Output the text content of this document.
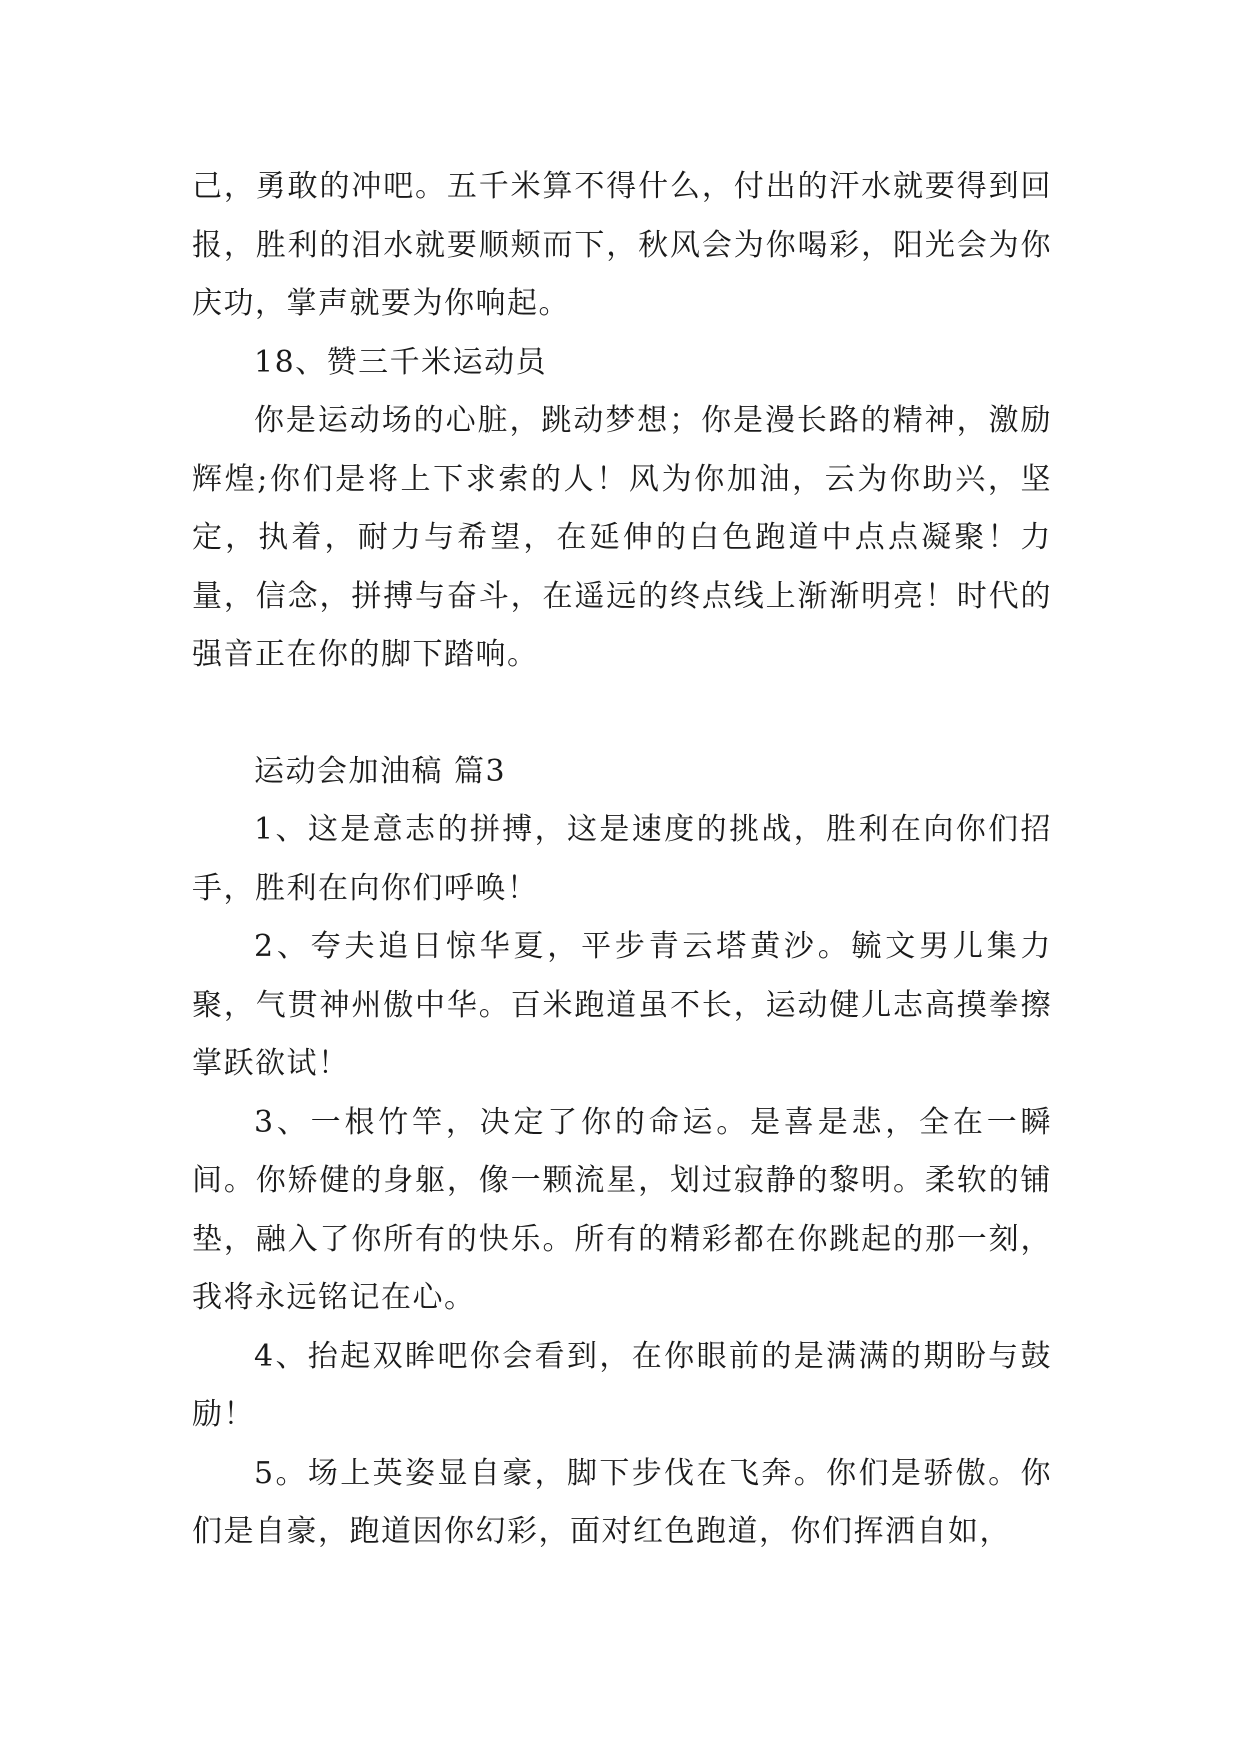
己，勇敢的冲吧。五千米算不得什么，付出的汗水就要得到回报，胜利的泪水就要顺颊而下，秋风会为你喝彩，阳光会为你庆功，掌声就要为你响起。

18、赞三千米运动员

你是运动场的心脏，跳动梦想；你是漫长路的精神，激励辉煌;你们是将上下求索的人！风为你加油，云为你助兴，坚定，执着，耐力与希望，在延伸的白色跑道中点点凝聚！力量，信念，拼搏与奋斗，在遥远的终点线上渐渐明亮！时代的强音正在你的脚下踏响。

运动会加油稿 篇3

1、这是意志的拼搏，这是速度的挑战，胜利在向你们招手，胜利在向你们呼唤！

2、夸夫追日惊华夏，平步青云塔黄沙。毓文男儿集力聚，气贯神州傲中华。百米跑道虽不长，运动健儿志高摸拳擦掌跃欲试！

3、一根竹竿，决定了你的命运。是喜是悲，全在一瞬间。你矫健的身躯，像一颗流星，划过寂静的黎明。柔软的铺垫，融入了你所有的快乐。所有的精彩都在你跳起的那一刻，我将永远铭记在心。

4、抬起双眸吧你会看到，在你眼前的是满满的期盼与鼓励！

5。场上英姿显自豪，脚下步伐在飞奔。你们是骄傲。你们是自豪，跑道因你幻彩，面对红色跑道，你们挥洒自如，
